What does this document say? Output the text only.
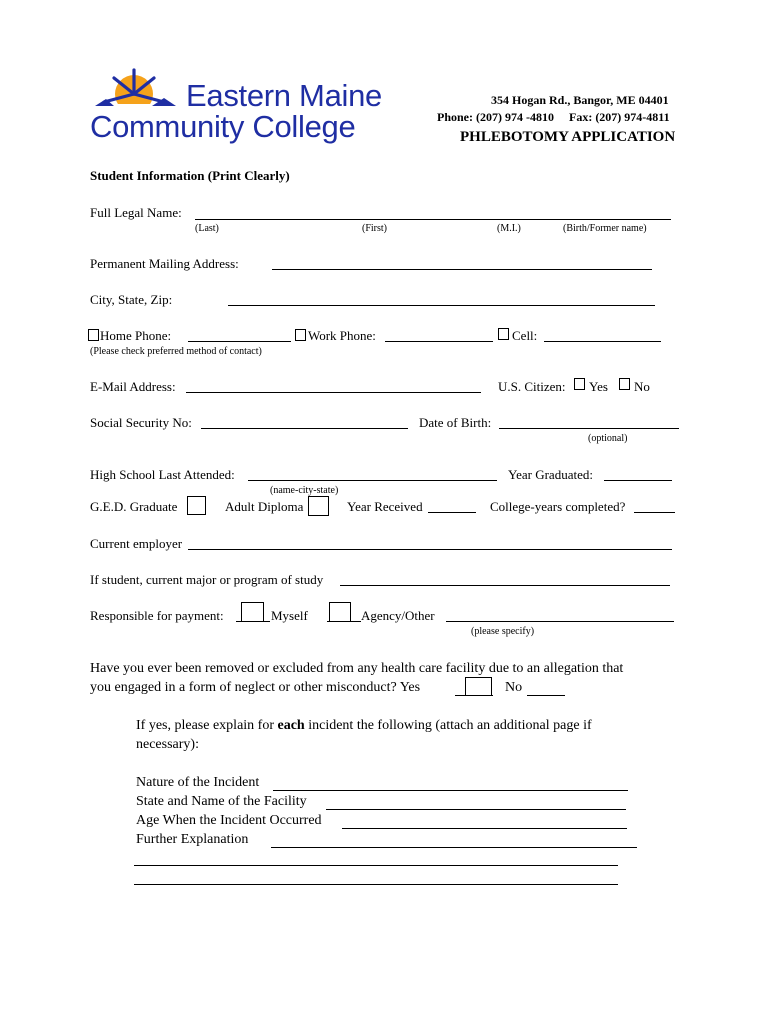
Eastern Maine
Community College
354 Hogan Rd., Bangor, ME 04401
Phone: (207) 974 -4810     Fax: (207) 974-4811
PHLEBOTOMY APPLICATION
Student Information (Print Clearly)
Full Legal Name:
(Last)	(First)	(M.I.)	(Birth/Former name)
Permanent Mailing Address:
City, State, Zip:
Home Phone:	Work Phone:	Cell:
(Please check preferred method of contact)
E-Mail Address:	U.S. Citizen: Yes No
Social Security No:	Date of Birth:
(optional)
High School Last Attended:	Year Graduated:
(name-city-state)
G.E.D. Graduate	Adult Diploma	Year Received	College-years completed?
Current employer
If student, current major or program of study
Responsible for payment:	Myself	Agency/Other
(please specify)
Have you ever been removed or excluded from any health care facility due to an allegation that
you engaged in a form of neglect or other misconduct? Yes	No
If yes, please explain for each incident the following (attach an additional page if
necessary):
Nature of the Incident
State and Name of the Facility
Age When the Incident Occurred
Further Explanation
